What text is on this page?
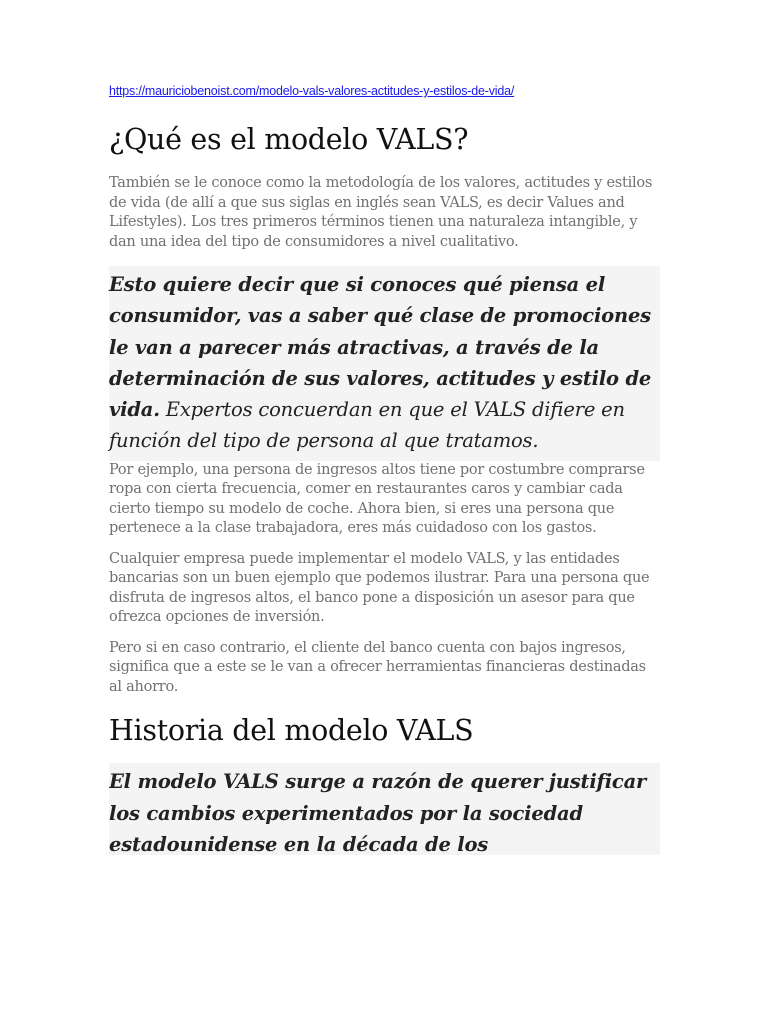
https://mauriciobenoist.com/modelo-vals-valores-actitudes-y-estilos-de-vida/
¿Qué es el modelo VALS?

También se le conoce como la metodología de los valores, actitudes y estilos de vida (de allí a que sus siglas en inglés sean VALS, es decir Values and Lifestyles). Los tres primeros términos tienen una naturaleza intangible, y dan una idea del tipo de consumidores a nivel cualitativo.

Esto quiere decir que si conoces qué piensa el consumidor, vas a saber qué clase de promociones le van a parecer más atractivas, a través de la determinación de sus valores, actitudes y estilo de vida. Expertos concuerdan en que el VALS difiere en función del tipo de persona al que tratamos.

Por ejemplo, una persona de ingresos altos tiene por costumbre comprarse ropa con cierta frecuencia, comer en restaurantes caros y cambiar cada cierto tiempo su modelo de coche. Ahora bien, si eres una persona que pertenece a la clase trabajadora, eres más cuidadoso con los gastos.

Cualquier empresa puede implementar el modelo VALS, y las entidades bancarias son un buen ejemplo que podemos ilustrar. Para una persona que disfruta de ingresos altos, el banco pone a disposición un asesor para que ofrezca opciones de inversión.

Pero si en caso contrario, el cliente del banco cuenta con bajos ingresos, significa que a este se le van a ofrecer herramientas financieras destinadas al ahorro.

Historia del modelo VALS
El modelo VALS surge a razón de querer justificar los cambios experimentados por la sociedad estadounidense en la década de los
